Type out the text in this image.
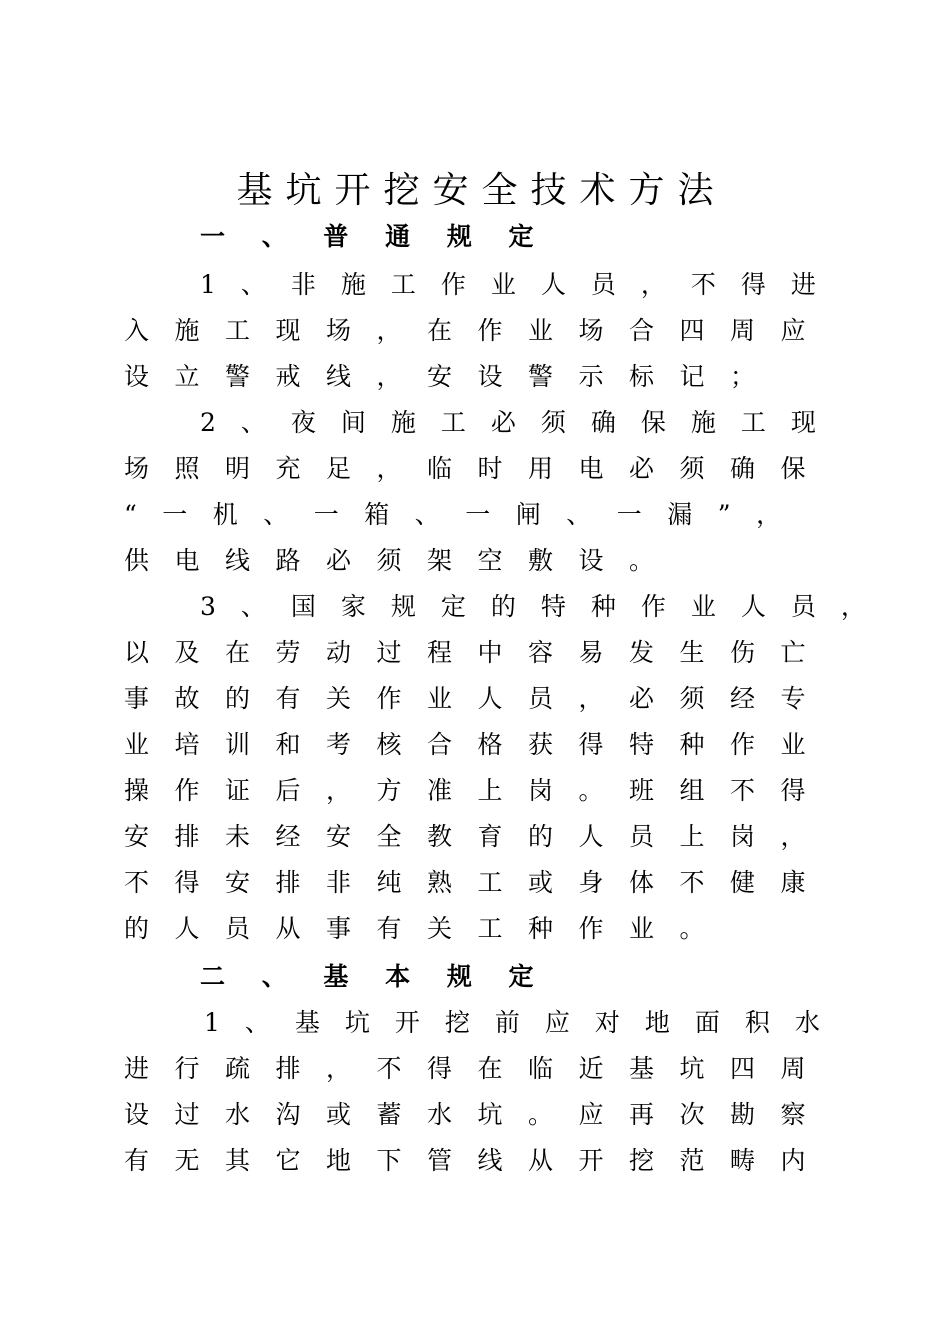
基坑开挖安全技术方法
一 、 普 通 规 定
1、非施工作业人员，不得进
入施工现场，在作业场合四周应
设立警戒线，安设警示标记；
2、夜间施工必须确保施工现
场照明充足，临时用电必须确保
“一机、一箱、一闸、一漏”，
供电线路必须架空敷设。
3、国家规定的特种作业人员，
以及在劳动过程中容易发生伤亡
事故的有关作业人员，必须经专
业培训和考核合格获得特种作业
操作证后，方准上岗。班组不得
安排未经安全教育的人员上岗，
不得安排非纯熟工或身体不健康
的人员从事有关工种作业。
二 、 基 本 规 定
1、基坑开挖前应对地面积水
进行疏排，不得在临近基坑四周
设过水沟或蓄水坑。应再次勘察
有无其它地下管线从开挖范畴内
